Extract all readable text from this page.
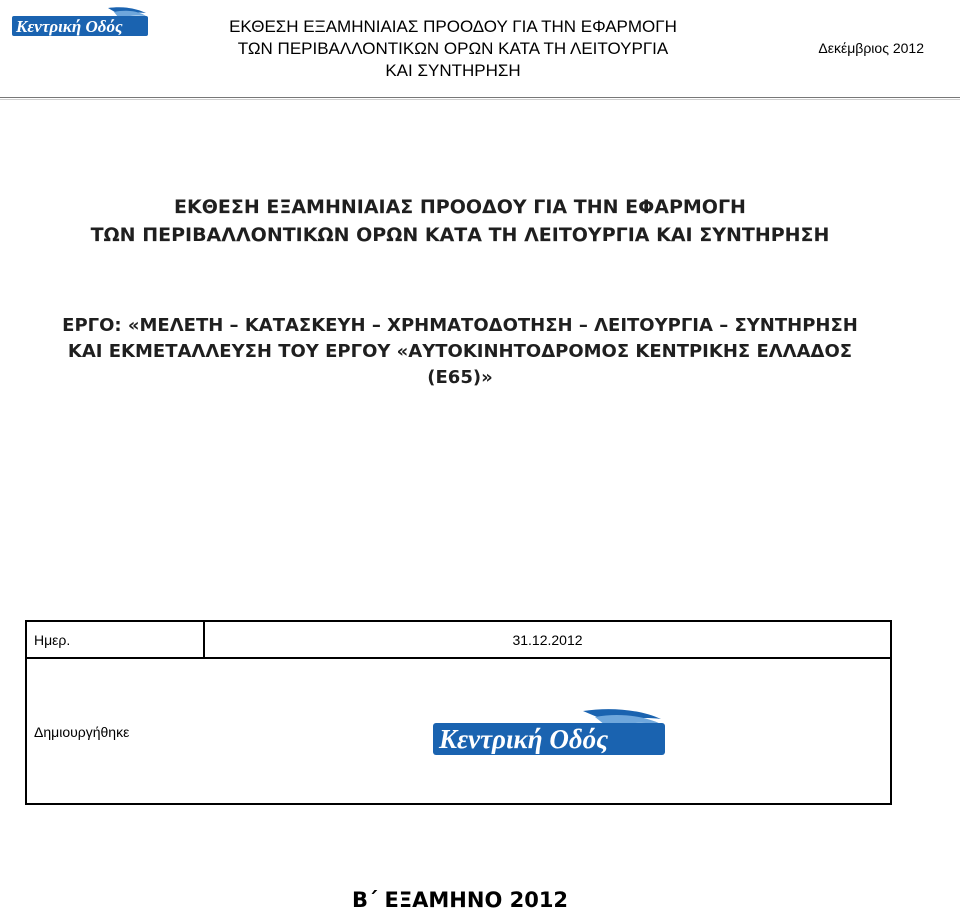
Κεντρική Οδός	ΕΚΘΕΣΗ ΕΞΑΜΗΝΙΑΙΑΣ ΠΡΟΟΔΟΥ ΓΙΑ ΤΗΝ ΕΦΑΡΜΟΓΗ
ΤΩΝ ΠΕΡΙΒΑΛΛΟΝΤΙΚΩΝ ΟΡΩΝ ΚΑΤΑ ΤΗ ΛΕΙΤΟΥΡΓΙΑ
ΚΑΙ ΣΥΝΤΗΡΗΣΗ
Δεκέμβριος 2012
ΕΚΘΕΣΗ ΕΞΑΜΗΝΙΑΙΑΣ ΠΡΟΟΔΟΥ ΓΙΑ ΤΗΝ ΕΦΑΡΜΟΓΗ
ΤΩΝ ΠΕΡΙΒΑΛΛΟΝΤΙΚΩΝ ΟΡΩΝ ΚΑΤΑ ΤΗ ΛΕΙΤΟΥΡΓΙΑ ΚΑΙ ΣΥΝΤΗΡΗΣΗ
ΕΡΓΟ: «ΜΕΛΕΤΗ – ΚΑΤΑΣΚΕΥΗ – ΧΡΗΜΑΤΟΔΟΤΗΣΗ – ΛΕΙΤΟΥΡΓΙΑ – ΣΥΝΤΗΡΗΣΗ
ΚΑΙ ΕΚΜΕΤΑΛΛΕΥΣΗ ΤΟΥ ΕΡΓΟΥ «ΑΥΤΟΚΙΝΗΤΟΔΡΟΜΟΣ ΚΕΝΤΡΙΚΗΣ ΕΛΛΑΔΟΣ
(Ε65)»
Ημερ.	31.12.2012
Δημιουργήθηκε	Κεντρική Οδός
Β΄ ΕΞΑΜΗΝΟ 2012
